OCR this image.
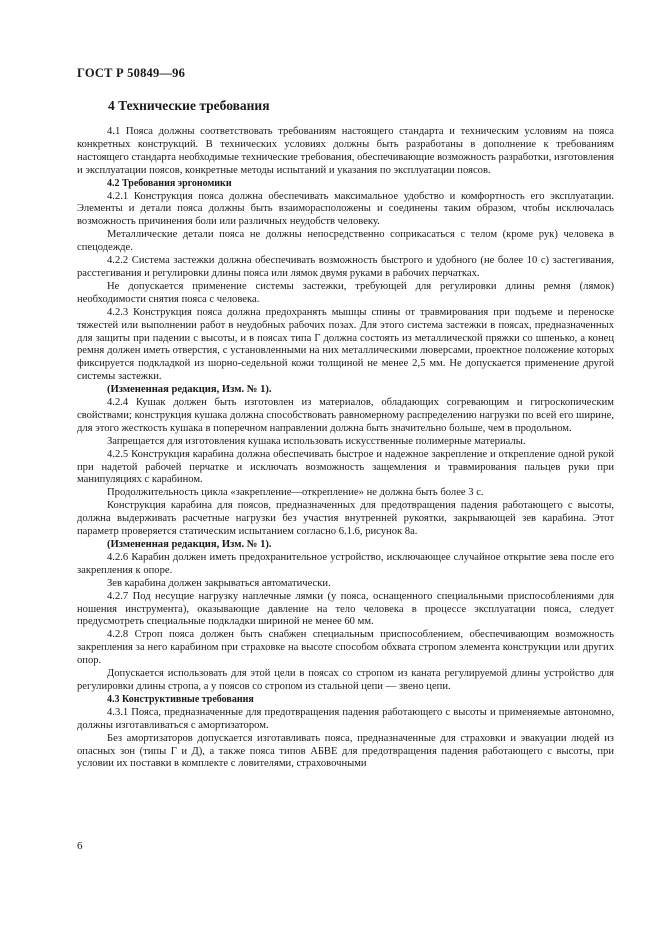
ГОСТ Р 50849—96
4 Технические требования

4.1 Пояса должны соответствовать требованиям настоящего стандарта и техническим условиям на пояса конкретных конструкций. В технических условиях должны быть разработаны в дополнение к требованиям настоящего стандарта необходимые технические требования, обеспечивающие возможность разработки, изготовления и эксплуатации поясов, конкретные методы испытаний и указания по эксплуатации поясов.

4.2 Требования эргономики

4.2.1 Конструкция пояса должна обеспечивать максимальное удобство и комфортность его эксплуатации. Элементы и детали пояса должны быть взаиморасположены и соединены таким образом, чтобы исключалась возможность причинения боли или различных неудобств человеку.

Металлические детали пояса не должны непосредственно соприкасаться с телом (кроме рук) человека в спецодежде.

4.2.2 Система застежки должна обеспечивать возможность быстрого и удобного (не более 10 с) застегивания, расстегивания и регулировки длины пояса или лямок двумя руками в рабочих перчатках.

Не допускается применение системы застежки, требующей для регулировки длины ремня (лямок) необходимости снятия пояса с человека.

4.2.3 Конструкция пояса должна предохранять мышцы спины от травмирования при подъеме и переноске тяжестей или выполнении работ в неудобных рабочих позах. Для этого система застежки в поясах, предназначенных для защиты при падении с высоты, и в поясах типа Г должна состоять из металлической пряжки со шпенько, а конец ремня должен иметь отверстия, с установленными на них металлическими люверсами, проектное положение которых фиксируется подкладкой из шорно-седельной кожи толщиной не менее 2,5 мм. Не допускается применение другой системы застежки.

(Измененная редакция, Изм. № 1).

4.2.4 Кушак должен быть изготовлен из материалов, обладающих согревающим и гигроскопическим свойствами; конструкция кушака должна способствовать равномерному распределению нагрузки по всей его ширине, для этого жесткость кушака в поперечном направлении должна быть значительно больше, чем в продольном.

Запрещается для изготовления кушака использовать искусственные полимерные материалы.

4.2.5 Конструкция карабина должна обеспечивать быстрое и надежное закрепление и открепление одной рукой при надетой рабочей перчатке и исключать возможность защемления и травмирования пальцев руки при манипуляциях с карабином.

Продолжительность цикла «закрепление—открепление» не должна быть более 3 с.

Конструкция карабина для поясов, предназначенных для предотвращения падения работающего с высоты, должна выдерживать расчетные нагрузки без участия внутренней рукоятки, закрывающей зев карабина. Этот параметр проверяется статическим испытанием согласно 6.1.6, рисунок 8а.

(Измененная редакция, Изм. № 1).

4.2.6 Карабин должен иметь предохранительное устройство, исключающее случайное открытие зева после его закрепления к опоре.

Зев карабина должен закрываться автоматически.

4.2.7 Под несущие нагрузку наплечные лямки (у пояса, оснащенного специальными приспособлениями для ношения инструмента), оказывающие давление на тело человека в процессе эксплуатации пояса, следует предусмотреть специальные подкладки шириной не менее 60 мм.

4.2.8 Строп пояса должен быть снабжен специальным приспособлением, обеспечивающим возможность закрепления за него карабином при страховке на высоте способом обхвата стропом элемента конструкции или других опор.

Допускается использовать для этой цели в поясах со стропом из каната регулируемой длины устройство для регулировки длины стропа, а у поясов со стропом из стальной цепи — звено цепи.

4.3 Конструктивные требования

4.3.1 Пояса, предназначенные для предотвращения падения работающего с высоты и применяемые автономно, должны изготавливаться с амортизатором.

Без амортизаторов допускается изготавливать пояса, предназначенные для страховки и эвакуации людей из опасных зон (типы Г и Д), а также пояса типов АБВЕ для предотвращения падения работающего с высоты, при условии их поставки в комплекте с ловителями, страховочными

6
